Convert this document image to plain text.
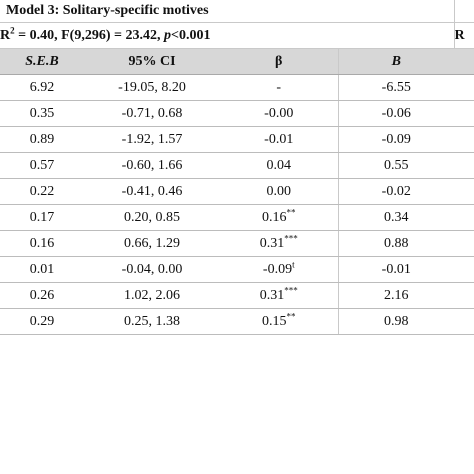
Model 3: Solitary-specific motives				
$R^2 = 0.40$, F(9,296) = 23.42, p<0.001				R
S.E.B	95% CI	β	B	
6.92	-19.05, 8.20	-	-6.55	
0.35	-0.71, 0.68	-0.00	-0.06	
0.89	-1.92, 1.57	-0.01	-0.09	
0.57	-0.60, 1.66	0.04	0.55	
0.22	-0.41, 0.46	0.00	-0.02	
0.17	0.20, 0.85	0.16**	0.34	
0.16	0.66, 1.29	0.31***	0.88	
0.01	-0.04, 0.00	-0.09$^t$	-0.01	
0.26	1.02, 2.06	0.31***	2.16	
0.29	0.25, 1.38	0.15**	0.98	
